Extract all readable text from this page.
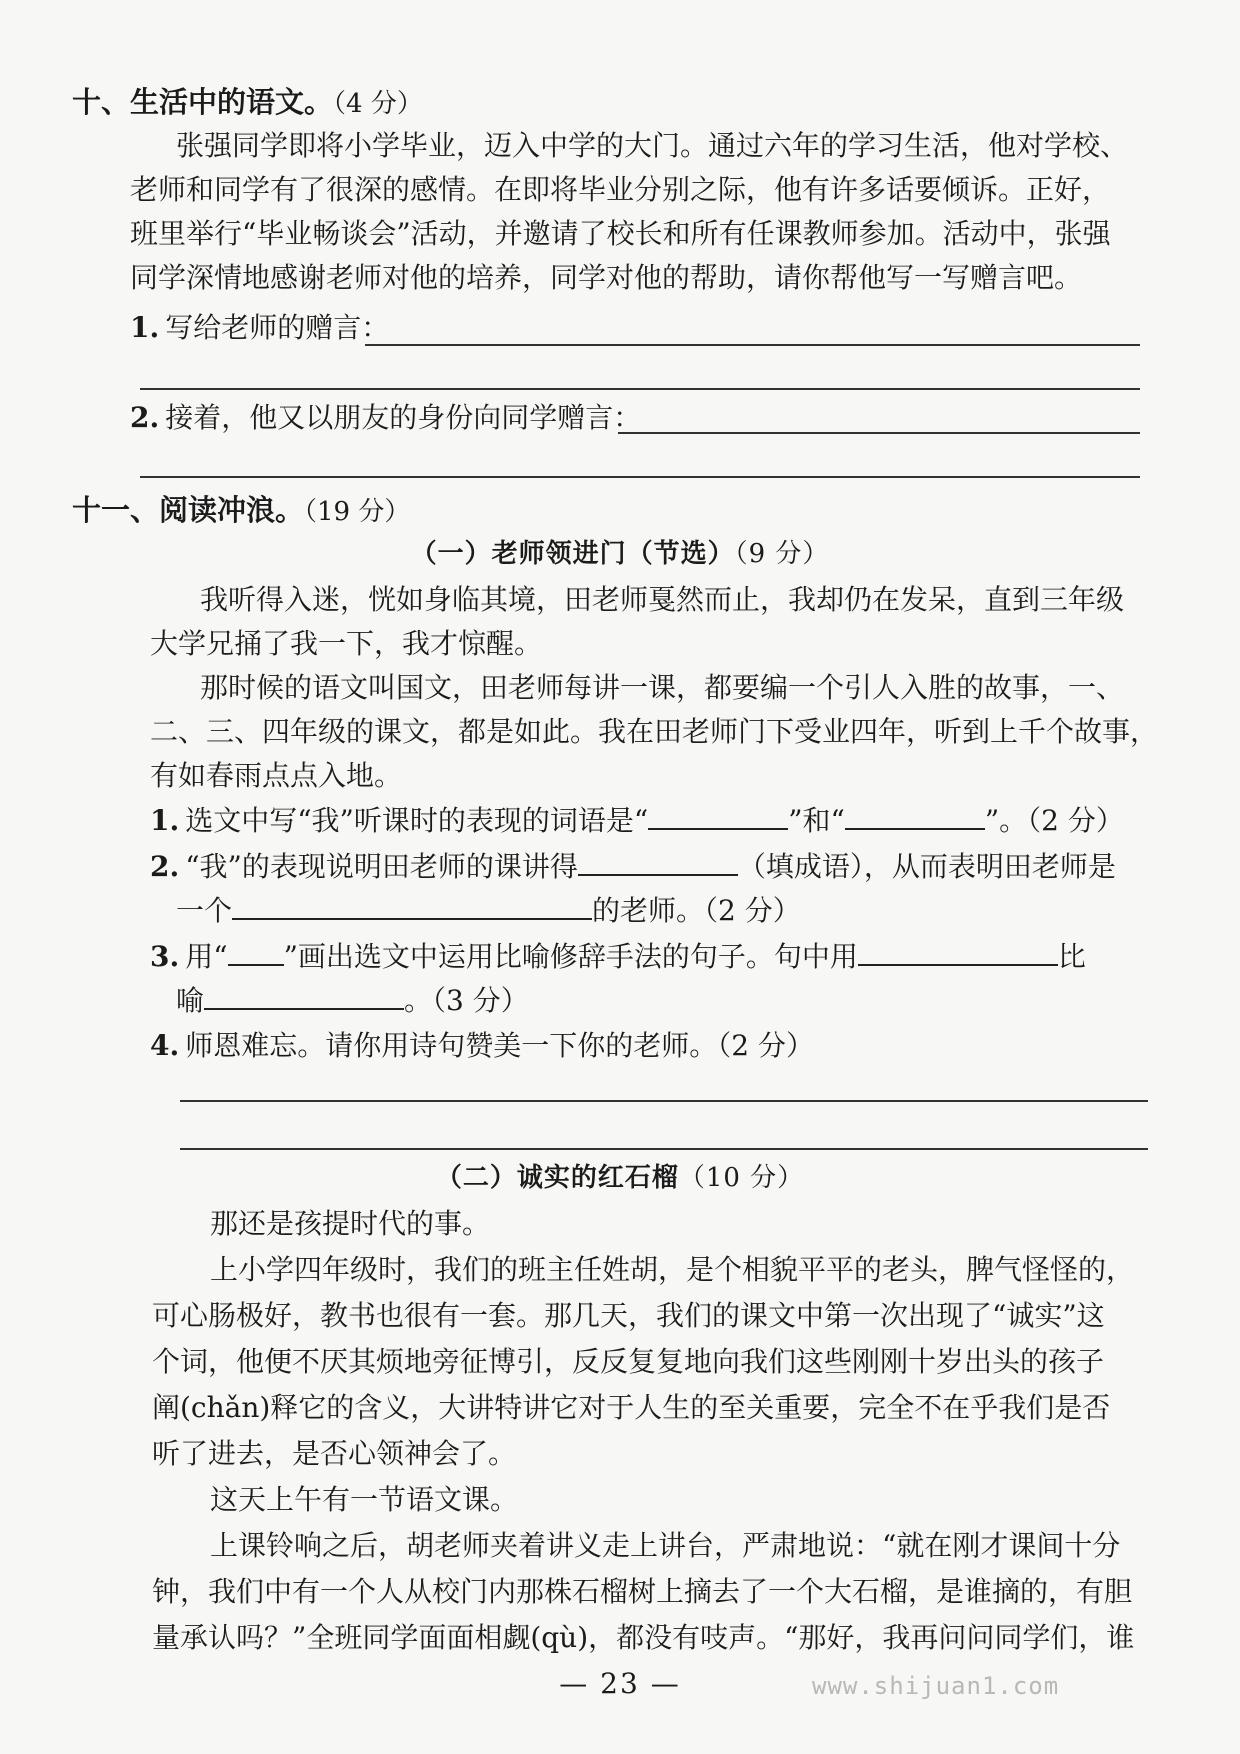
十、生活中的语文。（4 分）
张强同学即将小学毕业，迈入中学的大门。通过六年的学习生活，他对学校、
老师和同学有了很深的感情。在即将毕业分别之际，他有许多话要倾诉。正好，
班里举行“毕业畅谈会”活动，并邀请了校长和所有任课教师参加。活动中，张强
同学深情地感谢老师对他的培养，同学对他的帮助，请你帮他写一写赠言吧。
1. 写给老师的赠言：
2. 接着，他又以朋友的身份向同学赠言：
十一、阅读冲浪。（19 分）
（一）老师领进门（节选）（9 分）
我听得入迷，恍如身临其境，田老师戛然而止，我却仍在发呆，直到三年级
大学兄捅了我一下，我才惊醒。
那时候的语文叫国文，田老师每讲一课，都要编一个引人入胜的故事，一、
二、三、四年级的课文，都是如此。我在田老师门下受业四年，听到上千个故事，
有如春雨点点入地。
1. 选文中写“我”听课时的表现的词语是“	”和“	”。（2 分）
2. “我”的表现说明田老师的课讲得	（填成语），从而表明田老师是
一个	的老师。（2 分）
3. 用“ ”画出选文中运用比喻修辞手法的句子。句中用	比
喻	。（3 分）
4. 师恩难忘。请你用诗句赞美一下你的老师。（2 分）
（二）诚实的红石榴（10 分）
那还是孩提时代的事。
上小学四年级时，我们的班主任姓胡，是个相貌平平的老头，脾气怪怪的，
可心肠极好，教书也很有一套。那几天，我们的课文中第一次出现了“诚实”这
个词，他便不厌其烦地旁征博引，反反复复地向我们这些刚刚十岁出头的孩子
阐(chǎn)释它的含义，大讲特讲它对于人生的至关重要，完全不在乎我们是否
听了进去，是否心领神会了。
这天上午有一节语文课。
上课铃响之后，胡老师夹着讲义走上讲台，严肃地说：“就在刚才课间十分
钟，我们中有一个人从校门内那株石榴树上摘去了一个大石榴，是谁摘的，有胆
量承认吗？”全班同学面面相觑(qù)，都没有吱声。“那好，我再问问同学们，谁
— 23 —	www.shijuan1.com
